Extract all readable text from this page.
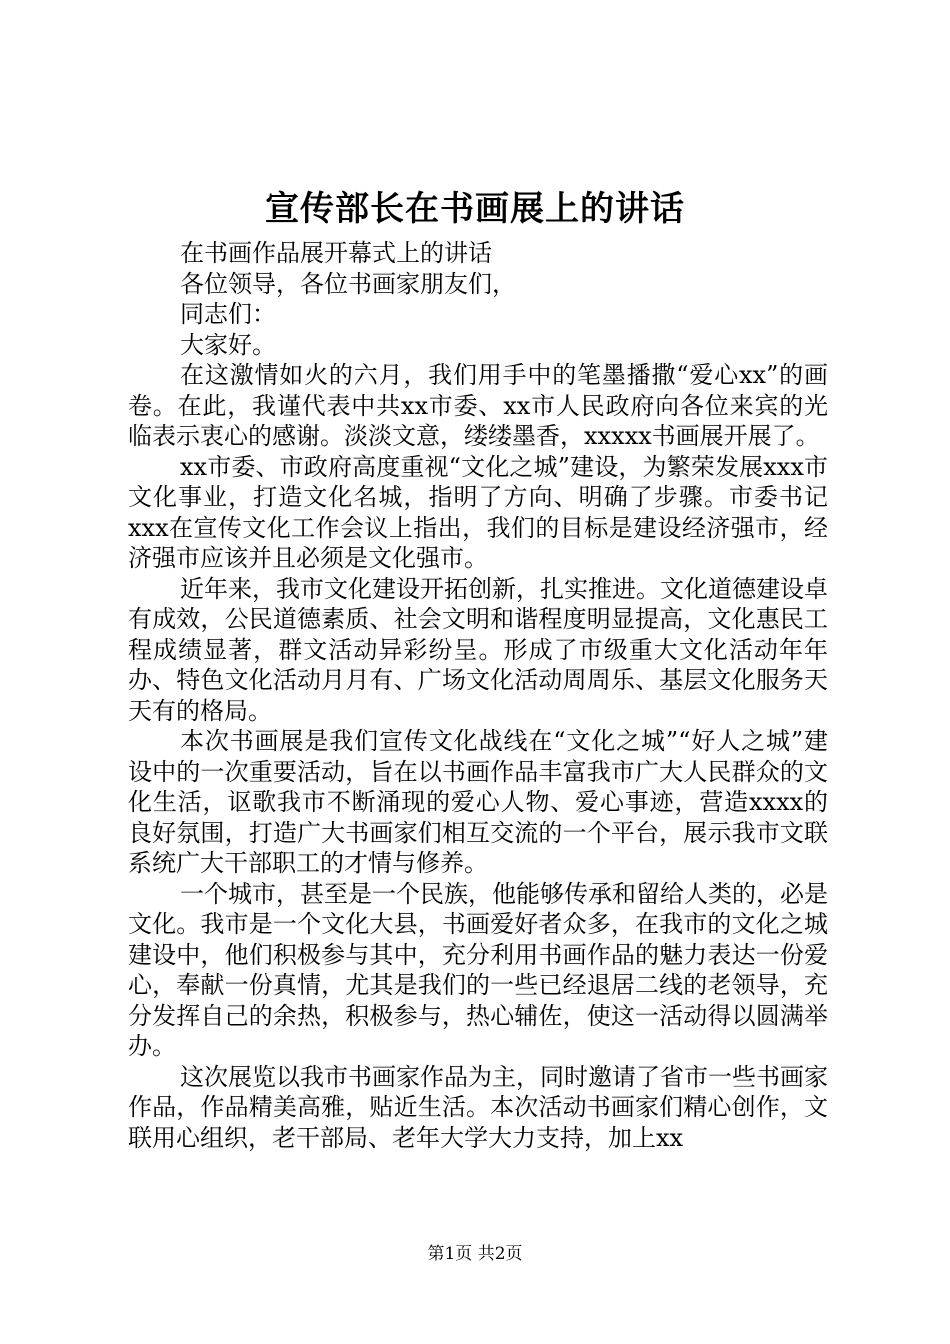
宣传部长在书画展上的讲话

在书画作品展开幕式上的讲话

各位领导，各位书画家朋友们，

同志们：

大家好。

在这激情如火的六月，我们用手中的笔墨播撒“爱心xx”的画卷。在此，我谨代表中共xx市委、xx市人民政府向各位来宾的光临表示衷心的感谢。淡淡文意，缕缕墨香，xxxxx书画展开展了。

xx市委、市政府高度重视“文化之城”建设，为繁荣发展xxx市文化事业，打造文化名城，指明了方向、明确了步骤。市委书记xxx在宣传文化工作会议上指出，我们的目标是建设经济强市，经济强市应该并且必须是文化强市。

近年来，我市文化建设开拓创新，扎实推进。文化道德建设卓有成效，公民道德素质、社会文明和谐程度明显提高，文化惠民工程成绩显著，群文活动异彩纷呈。形成了市级重大文化活动年年办、特色文化活动月月有、广场文化活动周周乐、基层文化服务天天有的格局。

本次书画展是我们宣传文化战线在“文化之城”“好人之城”建设中的一次重要活动，旨在以书画作品丰富我市广大人民群众的文化生活，讴歌我市不断涌现的爱心人物、爱心事迹，营造xxxx的良好氛围，打造广大书画家们相互交流的一个平台，展示我市文联系统广大干部职工的才情与修养。

一个城市，甚至是一个民族，他能够传承和留给人类的，必是文化。我市是一个文化大县，书画爱好者众多，在我市的文化之城建设中，他们积极参与其中，充分利用书画作品的魅力表达一份爱心，奉献一份真情，尤其是我们的一些已经退居二线的老领导，充分发挥自己的余热，积极参与，热心辅佐，使这一活动得以圆满举办。

这次展览以我市书画家作品为主，同时邀请了省市一些书画家作品，作品精美高雅，贴近生活。本次活动书画家们精心创作，文联用心组织，老干部局、老年大学大力支持，加上xx

第1页 共2页
